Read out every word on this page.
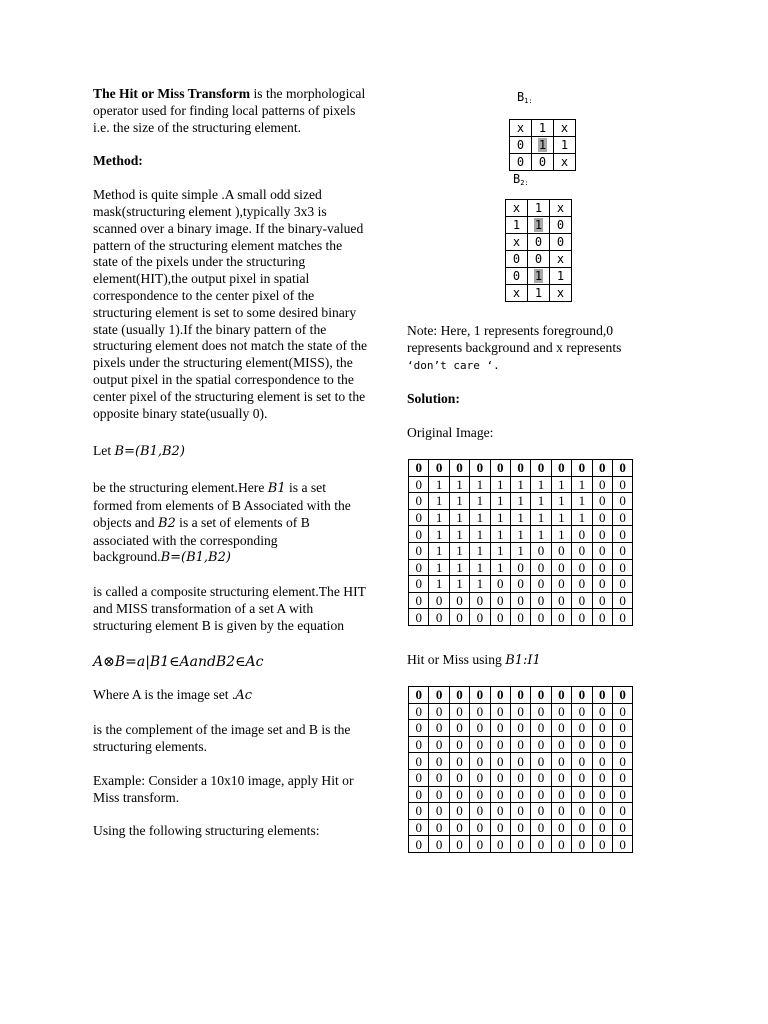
The Hit or Miss Transform is the morphological operator used for finding local patterns of pixels i.e. the size of the structuring element.

Method:

Method is quite simple .A small odd sized mask(structuring element ),typically 3x3 is scanned over a binary image. If the binary-valued pattern of the structuring element matches the state of the pixels under the structuring element(HIT),the output pixel in spatial correspondence to the center pixel of the structuring element is set to some desired binary state (usually 1).If the binary pattern of the structuring element does not match the state of the pixels under the structuring element(MISS), the output pixel in the spatial correspondence to the center pixel of the structuring element is set to the opposite binary state(usually 0).

Let B=(B1,B2)

be the structuring element.Here B1 is a set formed from elements of B Associated with the objects and B2 is a set of elements of B associated with the corresponding background.B=(B1,B2)

is called a composite structuring element.The HIT and MISS transformation of a set A with structuring element B is given by the equation

A⊗B=a|B1∈AandB2∈Ac

Where A is the image set .Ac

is the complement of the image set and B is the structuring elements.

Example: Consider a 10x10 image, apply Hit or Miss transform.

Using the following structuring elements:

$B_{1:}$
x	1	x
0	1	1
0	0	x
$B_{2:}$
x	1	x
1	1	0
x	0	0
0	0	x
0	1	1
x	1	x
Note: Here, 1 represents foreground,0 represents background and x represents ‘don’t care ‘.
Solution:
Original Image:
0	0	0	0	0	0	0	0	0	0	0
0	1	1	1	1	1	1	1	1	0	0
0	1	1	1	1	1	1	1	1	0	0
0	1	1	1	1	1	1	1	1	0	0
0	1	1	1	1	1	1	1	0	0	0
0	1	1	1	1	1	0	0	0	0	0
0	1	1	1	1	0	0	0	0	0	0
0	1	1	1	0	0	0	0	0	0	0
0	0	0	0	0	0	0	0	0	0	0
0	0	0	0	0	0	0	0	0	0	0
Hit or Miss using B1:I1
0	0	0	0	0	0	0	0	0	0	0
0	0	0	0	0	0	0	0	0	0	0
0	0	0	0	0	0	0	0	0	0	0
0	0	0	0	0	0	0	0	0	0	0
0	0	0	0	0	0	0	0	0	0	0
0	0	0	0	0	0	0	0	0	0	0
0	0	0	0	0	0	0	0	0	0	0
0	0	0	0	0	0	0	0	0	0	0
0	0	0	0	0	0	0	0	0	0	0
0	0	0	0	0	0	0	0	0	0	0
